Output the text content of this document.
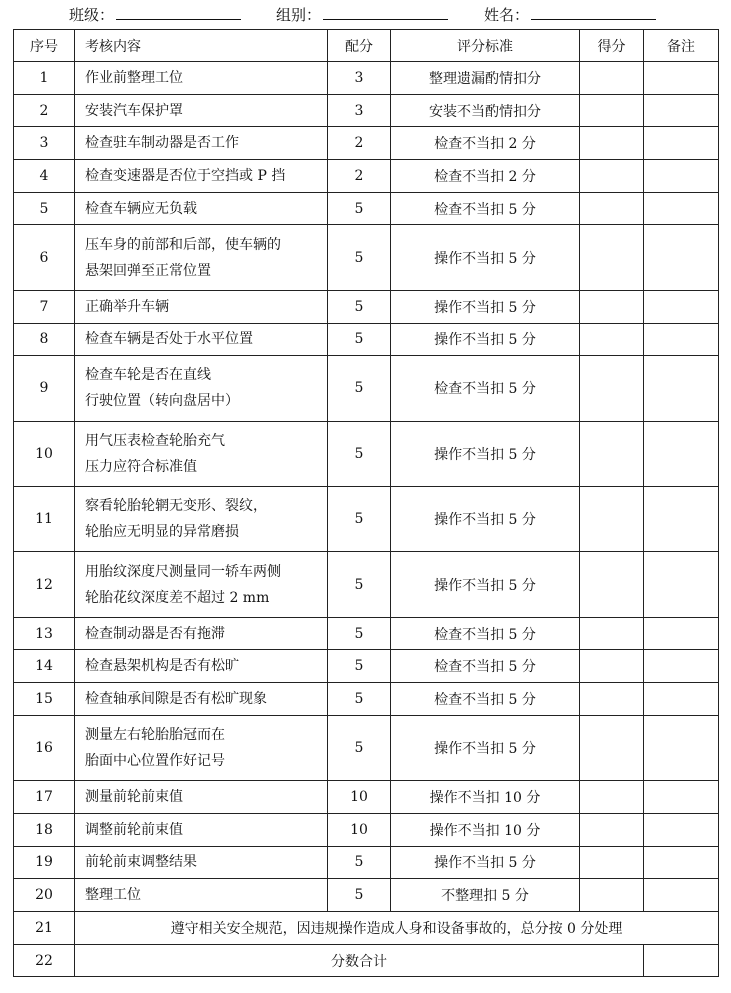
班级：	组别：	姓名：
序号	考核内容	配分	评分标准	得分	备注
1	作业前整理工位	3	整理遗漏酌情扣分		
2	安装汽车保护罩	3	安装不当酌情扣分		
3	检查驻车制动器是否工作	2	检查不当扣 2 分		
4	检查变速器是否位于空挡或 P 挡	2	检查不当扣 2 分		
5	检查车辆应无负载	5	检查不当扣 5 分		
6	压车身的前部和后部，使车辆的
悬架回弹至正常位置	5	操作不当扣 5 分		
7	正确举升车辆	5	操作不当扣 5 分		
8	检查车辆是否处于水平位置	5	操作不当扣 5 分		
9	检查车轮是否在直线
行驶位置（转向盘居中）	5	检查不当扣 5 分		
10	用气压表检查轮胎充气
压力应符合标准值	5	操作不当扣 5 分		
11	察看轮胎轮辋无变形、裂纹，
轮胎应无明显的异常磨损	5	操作不当扣 5 分		
12	用胎纹深度尺测量同一轿车两侧
轮胎花纹深度差不超过 2 mm	5	操作不当扣 5 分		
13	检查制动器是否有拖滞	5	检查不当扣 5 分		
14	检查悬架机构是否有松旷	5	检查不当扣 5 分		
15	检查轴承间隙是否有松旷现象	5	检查不当扣 5 分		
16	测量左右轮胎胎冠而在
胎面中心位置作好记号	5	操作不当扣 5 分		
17	测量前轮前束值	10	操作不当扣 10 分		
18	调整前轮前束值	10	操作不当扣 10 分		
19	前轮前束调整结果	5	操作不当扣 5 分		
20	整理工位	5	不整理扣 5 分		
21	遵守相关安全规范，因违规操作造成人身和设备事故的，总分按 0 分处理				
22	分数合计				
